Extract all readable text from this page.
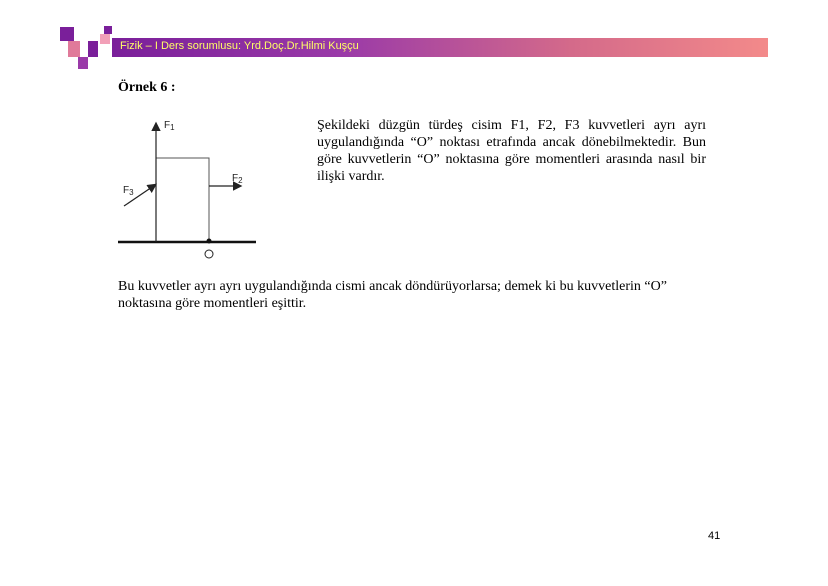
Fizik – I Ders sorumlusu: Yrd.Doç.Dr.Hilmi Kuşçu
Örnek 6 :
$F_1$
$F_2$
$F_3$
Şekildeki düzgün türdeş cisim F1, F2, F3 kuvvetleri ayrı ayrı uygulandığında “O” noktası etrafında ancak dönebilmektedir. Bun göre kuvvetlerin “O” noktasına göre momentleri arasında nasıl bir ilişki vardır.
Bu kuvvetler ayrı ayrı uygulandığında cismi ancak döndürüyorlarsa; demek ki bu kuvvetlerin “O” noktasına göre momentleri eşittir.
41
